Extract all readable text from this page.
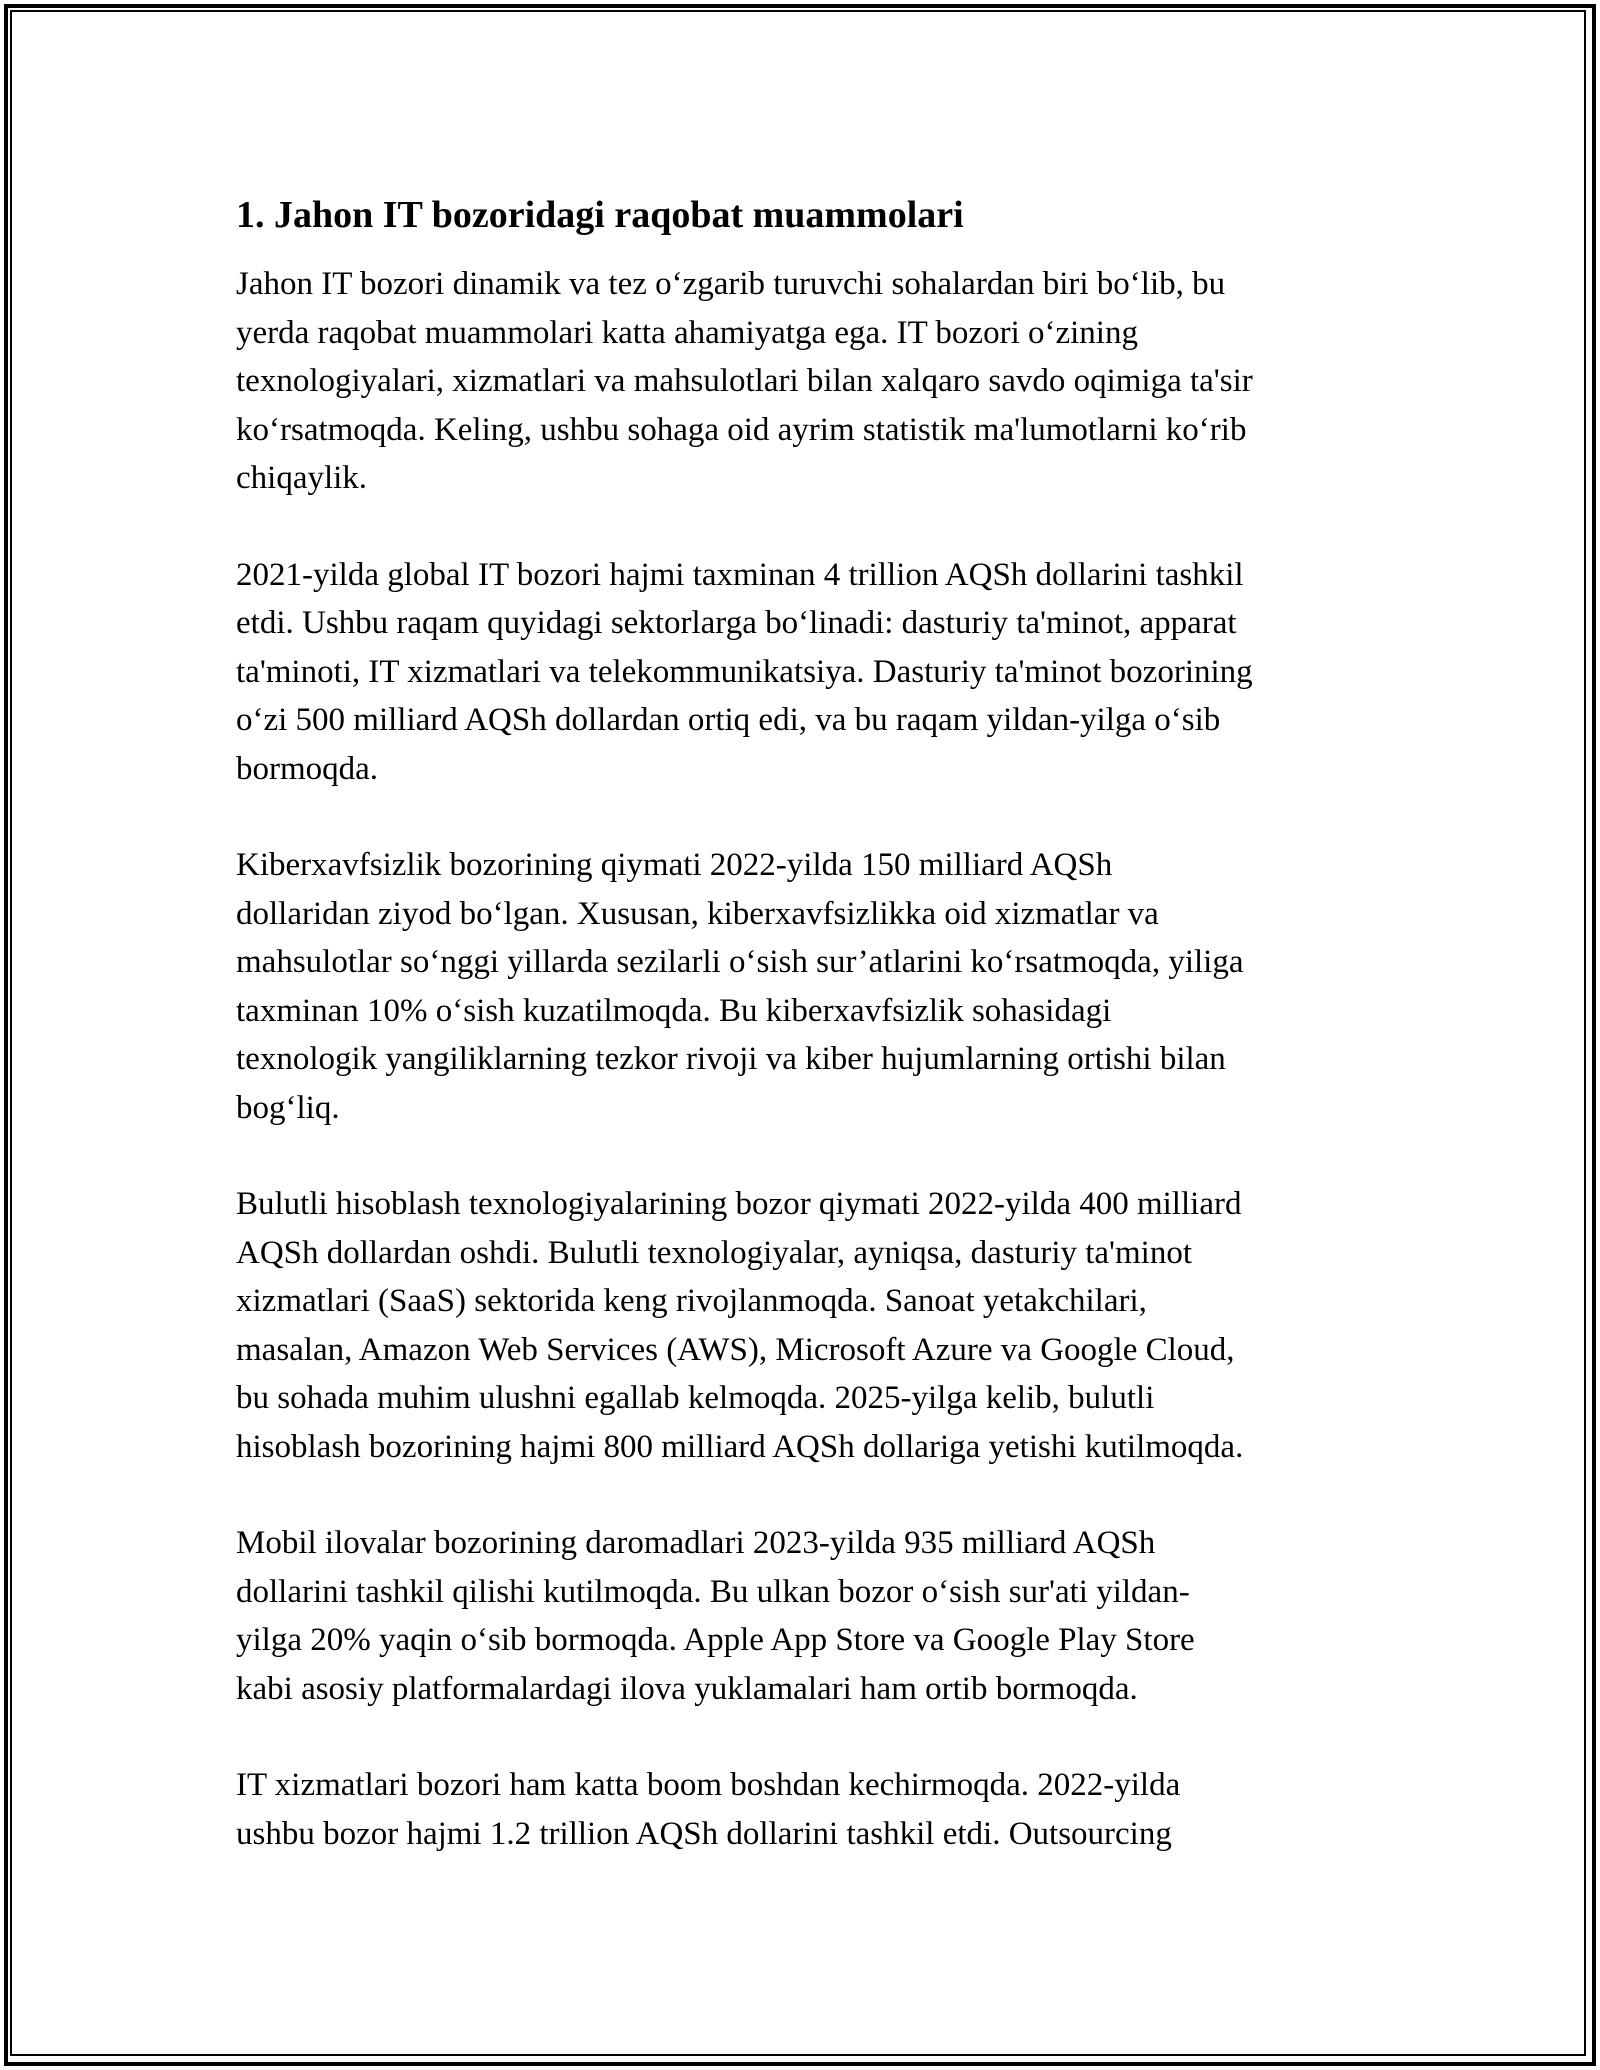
1. Jahon IT bozoridagi raqobat muammolari

Jahon IT bozori dinamik va tez o‘zgarib turuvchi sohalardan biri bo‘lib, bu
yerda raqobat muammolari katta ahamiyatga ega. IT bozori o‘zining
texnologiyalari, xizmatlari va mahsulotlari bilan xalqaro savdo oqimiga ta'sir
ko‘rsatmoqda. Keling, ushbu sohaga oid ayrim statistik ma'lumotlarni ko‘rib
chiqaylik.

2021-yilda global IT bozori hajmi taxminan 4 trillion AQSh dollarini tashkil
etdi. Ushbu raqam quyidagi sektorlarga bo‘linadi: dasturiy ta'minot, apparat
ta'minoti, IT xizmatlari va telekommunikatsiya. Dasturiy ta'minot bozorining
o‘zi 500 milliard AQSh dollardan ortiq edi, va bu raqam yildan-yilga o‘sib
bormoqda.

Kiberxavfsizlik bozorining qiymati 2022-yilda 150 milliard AQSh
dollaridan ziyod bo‘lgan. Xususan, kiberxavfsizlikka oid xizmatlar va
mahsulotlar so‘nggi yillarda sezilarli o‘sish sur’atlarini ko‘rsatmoqda, yiliga
taxminan 10% o‘sish kuzatilmoqda. Bu kiberxavfsizlik sohasidagi
texnologik yangiliklarning tezkor rivoji va kiber hujumlarning ortishi bilan
bog‘liq.

Bulutli hisoblash texnologiyalarining bozor qiymati 2022-yilda 400 milliard
AQSh dollardan oshdi. Bulutli texnologiyalar, ayniqsa, dasturiy ta'minot
xizmatlari (SaaS) sektorida keng rivojlanmoqda. Sanoat yetakchilari,
masalan, Amazon Web Services (AWS), Microsoft Azure va Google Cloud,
bu sohada muhim ulushni egallab kelmoqda. 2025-yilga kelib, bulutli
hisoblash bozorining hajmi 800 milliard AQSh dollariga yetishi kutilmoqda.

Mobil ilovalar bozorining daromadlari 2023-yilda 935 milliard AQSh
dollarini tashkil qilishi kutilmoqda. Bu ulkan bozor o‘sish sur'ati yildan-
yilga 20% yaqin o‘sib bormoqda. Apple App Store va Google Play Store
kabi asosiy platformalardagi ilova yuklamalari ham ortib bormoqda.

IT xizmatlari bozori ham katta boom boshdan kechirmoqda. 2022-yilda
ushbu bozor hajmi 1.2 trillion AQSh dollarini tashkil etdi. Outsourcing
